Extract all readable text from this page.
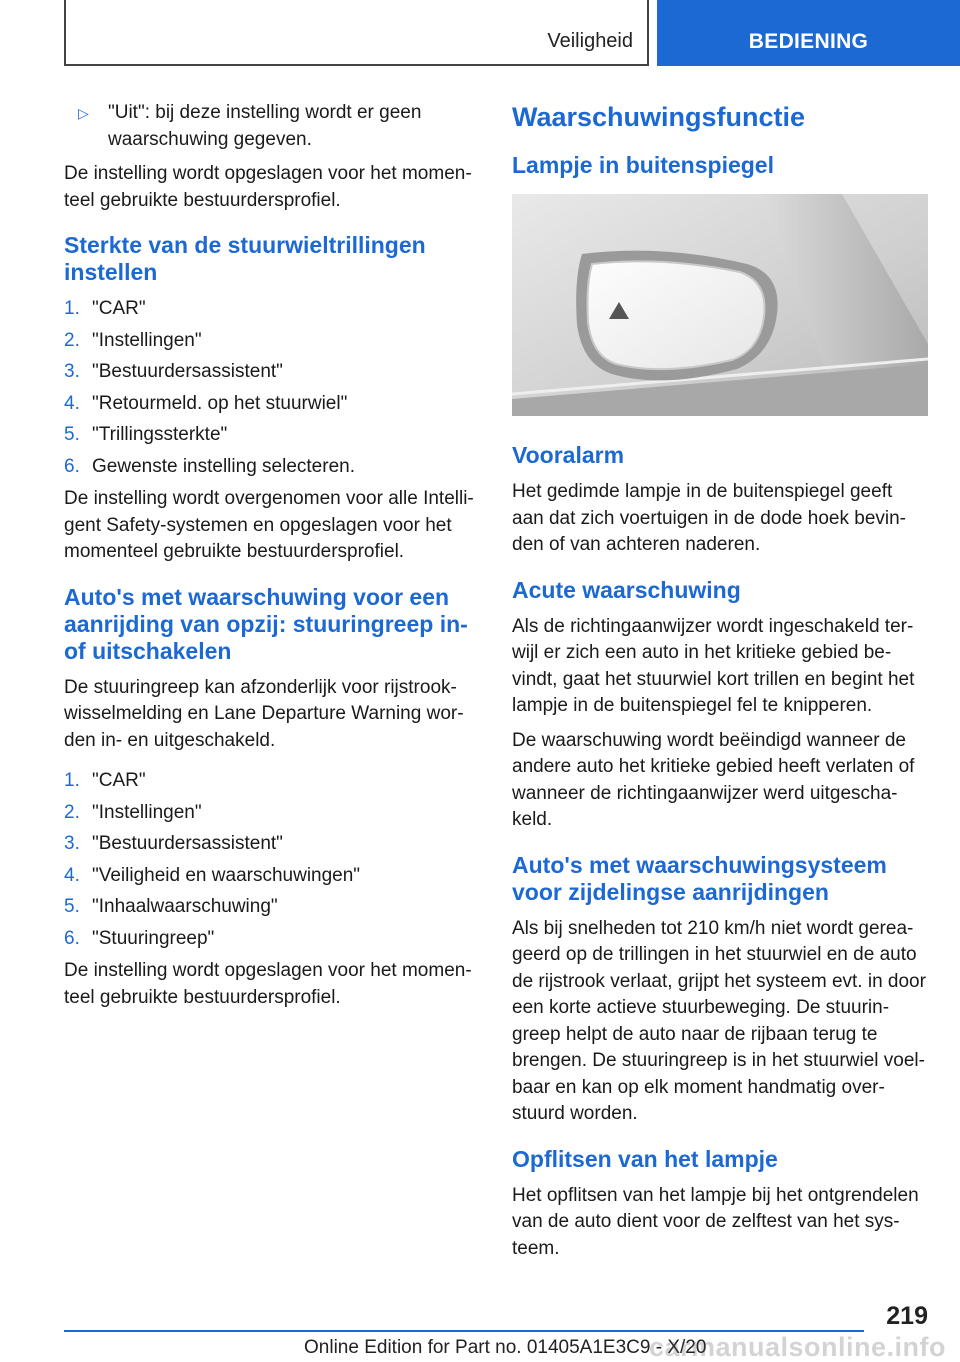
Veiligheid	BEDIENING
▷	"Uit": bij deze instelling wordt er geen waarschuwing gegeven.

De instelling wordt opgeslagen voor het momen-teel gebruikte bestuurdersprofiel.

Sterkte van de stuurwieltrillingen instellen
1. "CAR"
2. "Instellingen"
3. "Bestuurdersassistent"
4. "Retourmeld. op het stuurwiel"
5. "Trillingssterkte"
6. Gewenste instelling selecteren.

De instelling wordt overgenomen voor alle Intelli-gent Safety-systemen en opgeslagen voor het momenteel gebruikte bestuurdersprofiel.

Auto's met waarschuwing voor een aanrijding van opzij: stuuringreep in- of uitschakelen

De stuuringreep kan afzonderlijk voor rijstrook-wisselmelding en Lane Departure Warning wor-den in- en uitgeschakeld.

1. "CAR"
2. "Instellingen"
3. "Bestuurdersassistent"
4. "Veiligheid en waarschuwingen"
5. "Inhaalwaarschuwing"
6. "Stuuringreep"

De instelling wordt opgeslagen voor het momen-teel gebruikte bestuurdersprofiel.

Waarschuwingsfunctie
Lampje in buitenspiegel
Vooralarm

Het gedimde lampje in de buitenspiegel geeft aan dat zich voertuigen in de dode hoek bevin-den of van achteren naderen.

Acute waarschuwing

Als de richtingaanwijzer wordt ingeschakeld ter-wijl er zich een auto in het kritieke gebied be-vindt, gaat het stuurwiel kort trillen en begint het lampje in de buitenspiegel fel te knipperen.

De waarschuwing wordt beëindigd wanneer de andere auto het kritieke gebied heeft verlaten of wanneer de richtingaanwijzer werd uitgescha-keld.

Auto's met waarschuwingsysteem voor zijdelingse aanrijdingen

Als bij snelheden tot 210 km/h niet wordt gerea-geerd op de trillingen in het stuurwiel en de auto de rijstrook verlaat, grijpt het systeem evt. in door een korte actieve stuurbeweging. De stuurin-greep helpt de auto naar de rijbaan terug te brengen. De stuuringreep is in het stuurwiel voel-baar en kan op elk moment handmatig over-stuurd worden.

Opflitsen van het lampje

Het opflitsen van het lampje bij het ontgrendelen van de auto dient voor de zelftest van het sys-teem.

219
Online Edition for Part no. 01405A1E3C9 - X/20
carmanualsonline.info
